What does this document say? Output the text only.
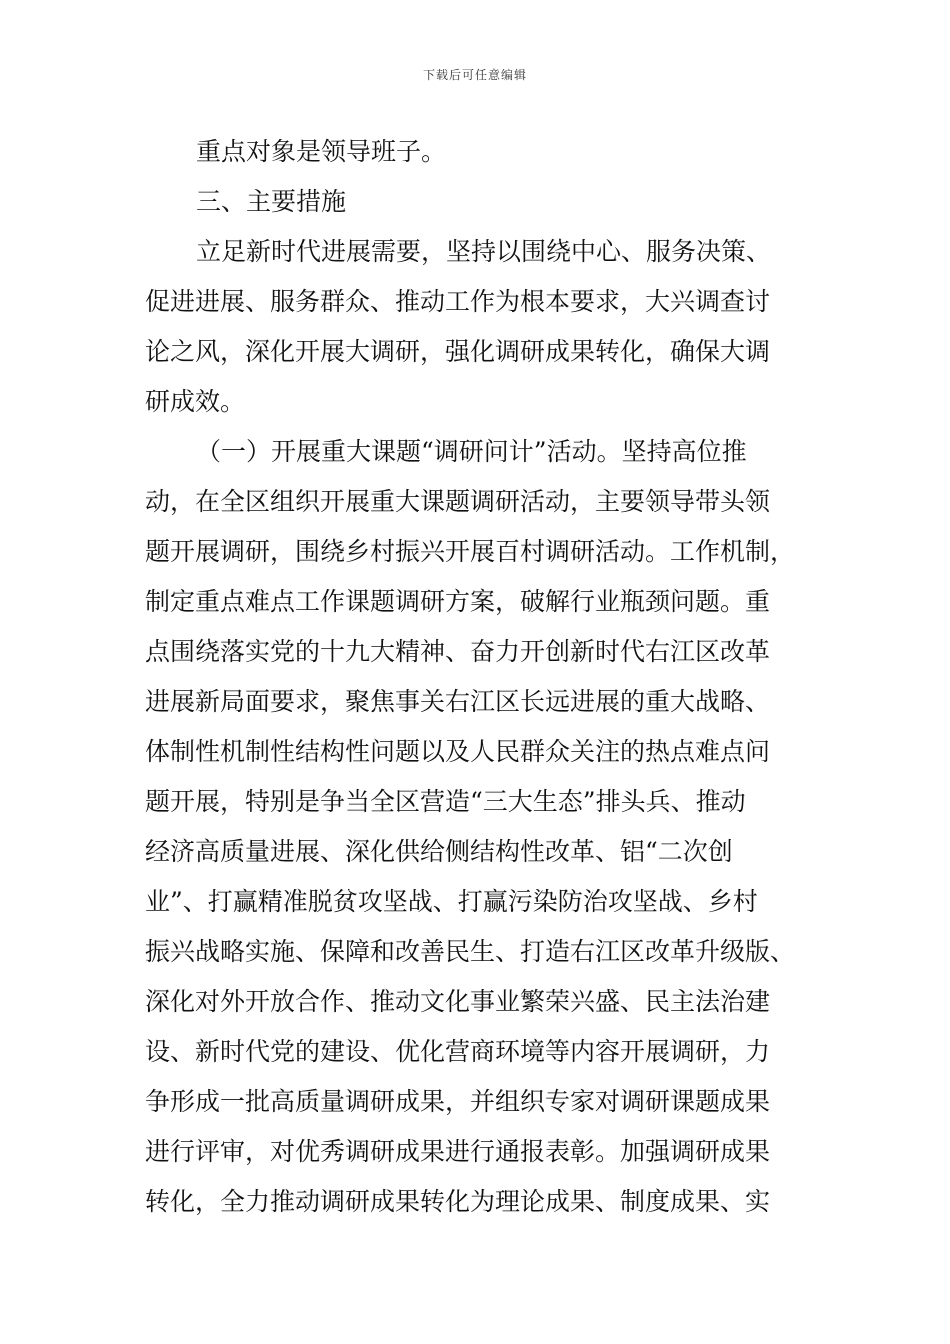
下载后可任意编辑
重点对象是领导班子。
三、主要措施
立足新时代进展需要，坚持以围绕中心、服务决策、
促进进展、服务群众、推动工作为根本要求，大兴调查讨
论之风，深化开展大调研，强化调研成果转化，确保大调
研成效。
（一）开展重大课题“调研问计”活动。坚持高位推
动，在全区组织开展重大课题调研活动，主要领导带头领
题开展调研，围绕乡村振兴开展百村调研活动。工作机制，
制定重点难点工作课题调研方案，破解行业瓶颈问题。重
点围绕落实党的十九大精神、奋力开创新时代右江区改革
进展新局面要求，聚焦事关右江区长远进展的重大战略、
体制性机制性结构性问题以及人民群众关注的热点难点问
题开展，特别是争当全区营造“三大生态”排头兵、推动
经济高质量进展、深化供给侧结构性改革、铝“二次创
业”、打赢精准脱贫攻坚战、打赢污染防治攻坚战、乡村
振兴战略实施、保障和改善民生、打造右江区改革升级版、
深化对外开放合作、推动文化事业繁荣兴盛、民主法治建
设、新时代党的建设、优化营商环境等内容开展调研，力
争形成一批高质量调研成果，并组织专家对调研课题成果
进行评审，对优秀调研成果进行通报表彰。加强调研成果
转化，全力推动调研成果转化为理论成果、制度成果、实
